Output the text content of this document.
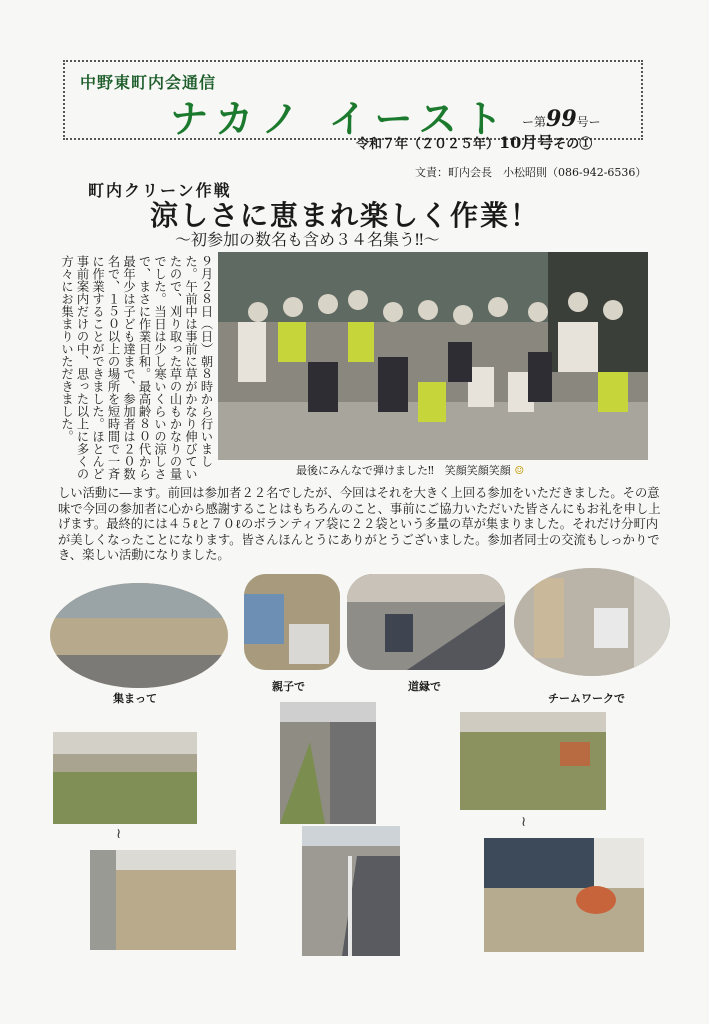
中野東町内会通信
ナカノ イースト ー第99号ー
令和７年（２０２５年）10月号その①
文責：町内会長　小松昭則（086-942-6536）
町内クリーン作戦
涼しさに恵まれ楽しく作業！
～初参加の数名も含め３４名集う‼～
９月２８日（日）朝８時から行いました。午前中は事前に草がかなり伸びていたので、刈り取った草の山もかなりの量でした。当日は少し寒いくらいの涼しさで、まさに作業日和。最高齢８０代から最年少は子ども達まで、参加者は２０数名で、１５０以上の場所を短時間で一斉に作業することができました。ほとんど事前案内だけの中、思った以上に多くの方々にお集まりいただきました。
最後にみんなで弾けました‼　笑顔笑顔笑顔 ☺
しい活動に―ます。前回は参加者２２名でしたが、今回はそれを大きく上回る参加をいただきました。その意味で今回の参加者に心から感謝することはもちろんのこと、事前にご協力いただいた皆さんにもお礼を申し上げます。最終的には４５ℓと７０ℓのボランティア袋に２２袋という多量の草が集まりました。それだけ分町内が美しくなったことになります。皆さんほんとうにありがとうございました。参加者同士の交流もしっかりでき、楽しい活動になりました。
集まって
親子で	道縁で
チームワークで
≀
≀
